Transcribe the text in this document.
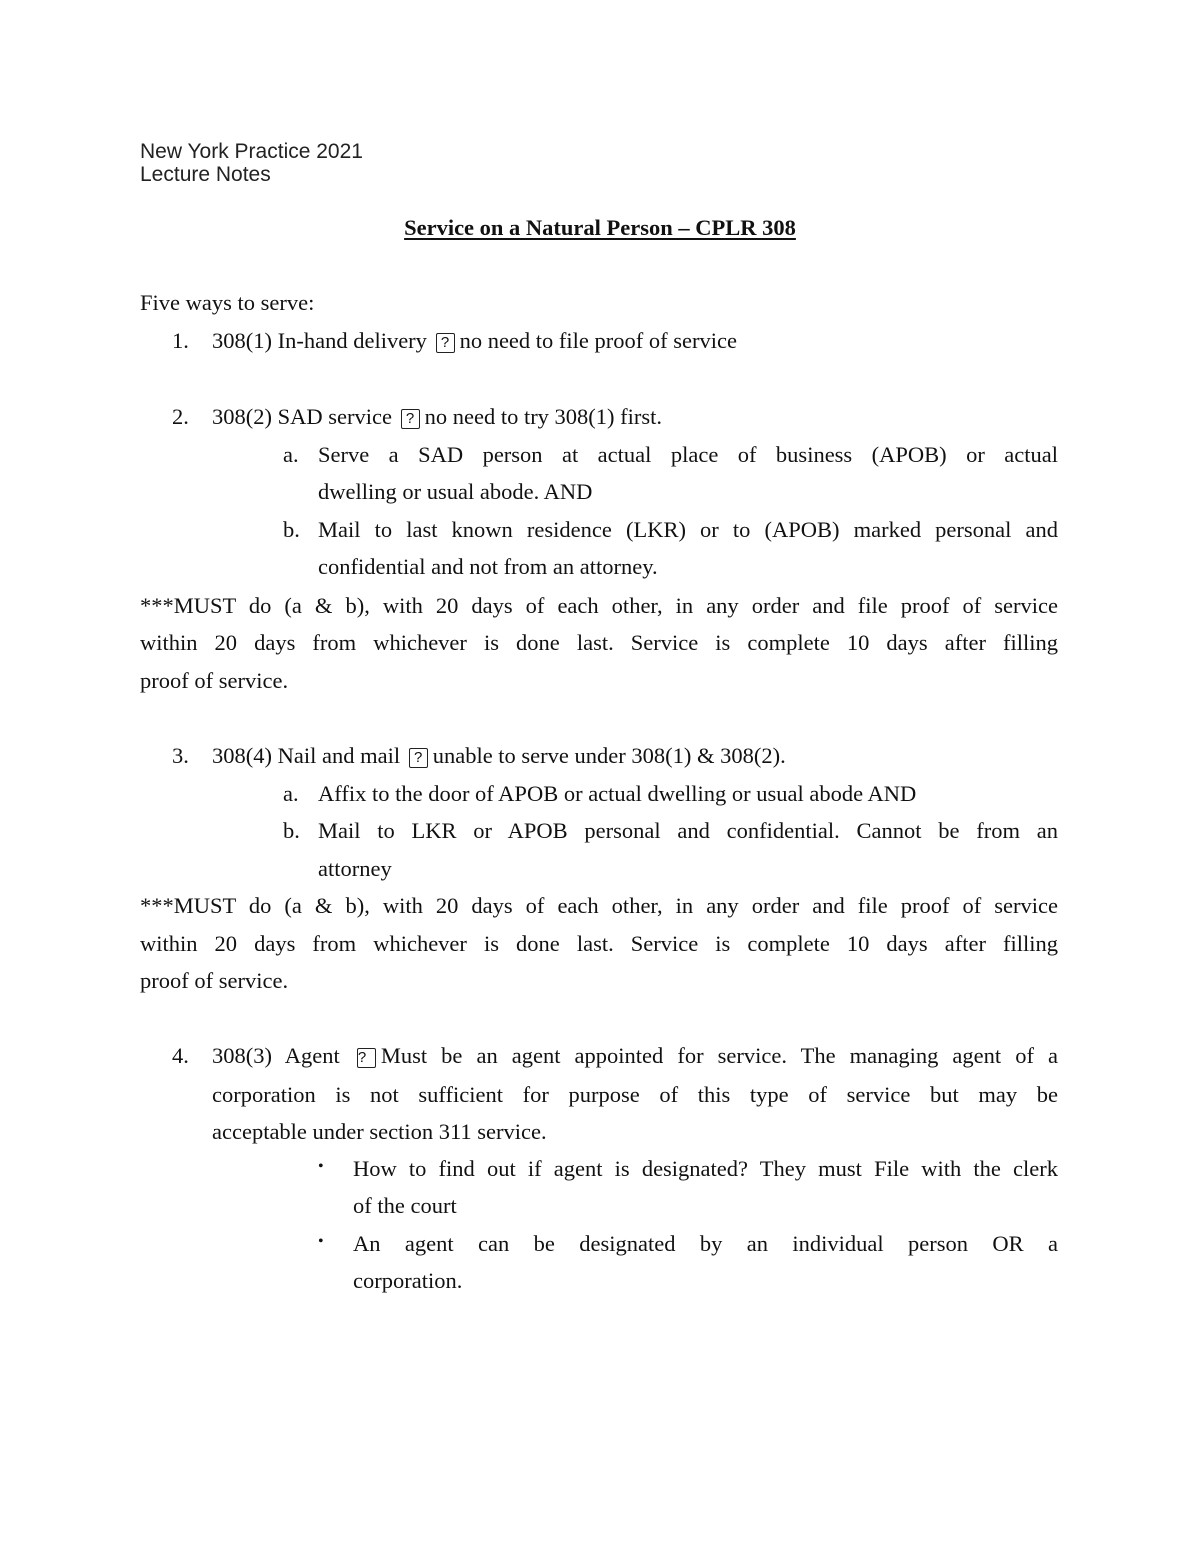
New York Practice 2021

Lecture Notes

Service on a Natural Person – CPLR 308

Five ways to serve:

1. 308(1) In-hand delivery ? no need to file proof of service
2. 308(2) SAD service ? no need to try 308(1) first.
a. Serve a SAD person at actual place of business (APOB) or actual
dwelling or usual abode. AND
b. Mail to last known residence (LKR) or to (APOB) marked personal and
confidential and not from an attorney.
***MUST do (a & b), with 20 days of each other, in any order and file proof of service
within 20 days from whichever is done last. Service is complete 10 days after filling
proof of service.
3. 308(4) Nail and mail ? unable to serve under 308(1) & 308(2).
a. Affix to the door of APOB or actual dwelling or usual abode AND
b. Mail to LKR or APOB personal and confidential. Cannot be from an
attorney
***MUST do (a & b), with 20 days of each other, in any order and file proof of service
within 20 days from whichever is done last. Service is complete 10 days after filling
proof of service.
4. 308(3) Agent ? Must be an agent appointed for service. The managing agent of a
corporation is not sufficient for purpose of this type of service but may be
acceptable under section 311 service.
• How to find out if agent is designated? They must File with the clerk
of the court
• An agent can be designated by an individual person OR a
corporation.
